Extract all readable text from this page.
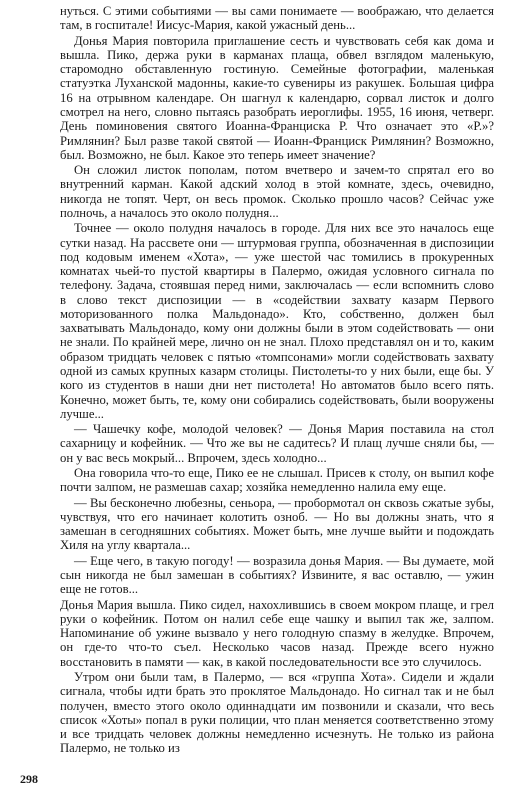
нуться. С этими событиями — вы сами понимаете — воображаю, что делается там, в госпитале! Иисус-Мария, какой ужасный день...

Донья Мария повторила приглашение сесть и чувствовать себя как дома и вышла. Пико, держа руки в карманах плаща, обвел взглядом маленькую, старомодно обставленную гостиную. Семейные фотографии, маленькая статуэтка Луханской мадонны, какие-то сувениры из ракушек. Большая цифра 16 на отрывном календаре. Он шагнул к календарю, сорвал листок и долго смотрел на него, словно пытаясь разобрать иероглифы. 1955, 16 июня, четверг. День поминовения святого Иоанна-Франциска Р. Что означает это «Р.»? Римлянин? Был разве такой святой — Иоанн-Франциск Римлянин? Возможно, был. Возможно, не был. Какое это теперь имеет значение?

Он сложил листок пополам, потом вчетверо и зачем-то спрятал его во внутренний карман. Какой адский холод в этой комнате, здесь, очевидно, никогда не топят. Черт, он весь промок. Сколько прошло часов? Сейчас уже полночь, а началось это около полудня...

Точнее — около полудня началось в городе. Для них все это началось еще сутки назад. На рассвете они — штурмовая группа, обозначенная в диспозиции под кодовым именем «Хота», — уже шестой час томились в прокуренных комнатах чьей-то пустой квартиры в Палермо, ожидая условного сигнала по телефону. Задача, стоявшая перед ними, заключалась — если вспомнить слово в слово текст диспозиции — в «содействии захвату казарм Первого моторизованного полка Мальдонадо». Кто, собственно, должен был захватывать Мальдонадо, кому они должны были в этом содействовать — они не знали. По крайней мере, лично он не знал. Плохо представлял он и то, каким образом тридцать человек с пятью «томпсонами» могли содействовать захвату одной из самых крупных казарм столицы. Пистолеты-то у них были, еще бы. У кого из студентов в наши дни нет пистолета! Но автоматов было всего пять. Конечно, может быть, те, кому они собирались содействовать, были вооружены лучше...

— Чашечку кофе, молодой человек? — Донья Мария поставила на стол сахарницу и кофейник. — Что же вы не садитесь? И плащ лучше сняли бы, — он у вас весь мокрый... Впрочем, здесь холодно...

Она говорила что-то еще, Пико ее не слышал. Присев к столу, он выпил кофе почти залпом, не размешав сахар; хозяйка немедленно налила ему еще.

— Вы бесконечно любезны, сеньора, — пробормотал он сквозь сжатые зубы, чувствуя, что его начинает колотить озноб. — Но вы должны знать, что я замешан в сегодняшних событиях. Может быть, мне лучше выйти и подождать Хиля на углу квартала...

— Еще чего, в такую погоду! — возразила донья Мария. — Вы думаете, мой сын никогда не был замешан в событиях? Извините, я вас оставлю, — ужин еще не готов...

Донья Мария вышла. Пико сидел, нахохлившись в своем мокром плаще, и грел руки о кофейник. Потом он налил себе еще чашку и выпил так же, залпом. Напоминание об ужине вызвало у него голодную спазму в желудке. Впрочем, он где-то что-то съел. Несколько часов назад. Прежде всего нужно восстановить в памяти — как, в какой последовательности все это случилось.

Утром они были там, в Палермо, — вся «группа Хота». Сидели и ждали сигнала, чтобы идти брать это проклятое Мальдонадо. Но сигнал так и не был получен, вместо этого около одиннадцати им позвонили и сказали, что весь список «Хоты» попал в руки полиции, что план меняется соответственно этому и все тридцать человек должны немедленно исчезнуть. Не только из района Палермо, не только из

298
